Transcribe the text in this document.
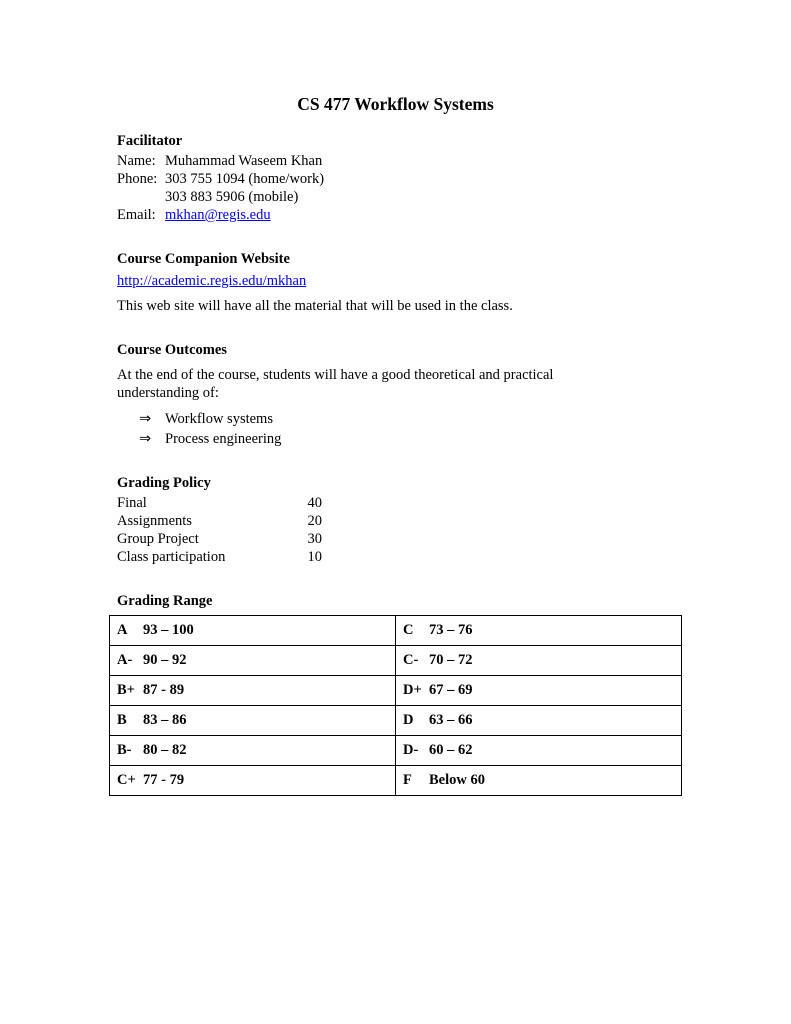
CS 477 Workflow Systems
Facilitator
Name: Muhammad Waseem Khan
Phone: 303 755 1094 (home/work)
303 883 5906 (mobile)
Email: mkhan@regis.edu
Course Companion Website
http://academic.regis.edu/mkhan
This web site will have all the material that will be used in the class.
Course Outcomes
At the end of the course, students will have a good theoretical and practical
understanding of:
⇒ Workflow systems
⇒ Process engineering
Grading Policy
Final	40
Assignments	20
Group Project	30
Class participation	10
Grading Range
A 93 – 100	C 73 – 76
A- 90 – 92	C- 70 – 72
B+ 87 - 89	D+ 67 – 69
B 83 – 86	D 63 – 66
B- 80 – 82	D- 60 – 62
C+ 77 - 79	F Below 60
